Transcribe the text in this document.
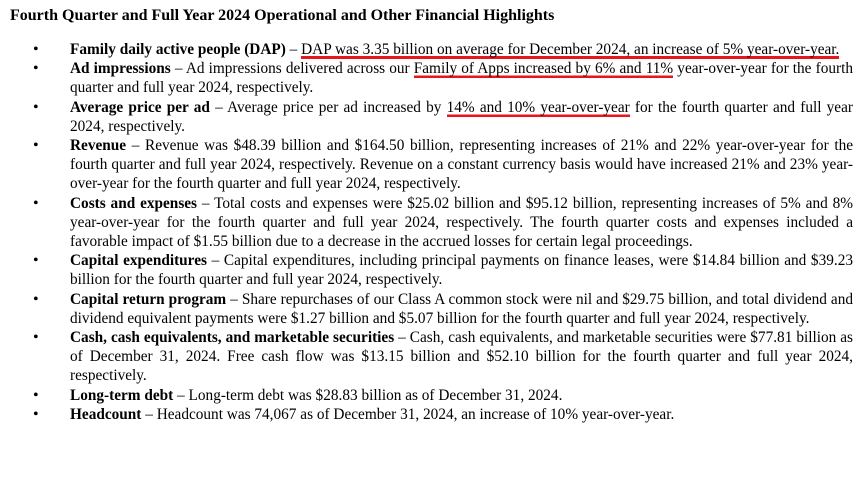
Fourth Quarter and Full Year 2024 Operational and Other Financial Highlights
• Family daily active people (DAP) – DAP was 3.35 billion on average for December 2024, an increase of 5% year-over-year.
• Ad impressions – Ad impressions delivered across our Family of Apps increased by 6% and 11% year-over-year for the fourth quarter and full year 2024, respectively.
• Average price per ad – Average price per ad increased by 14% and 10% year-over-year for the fourth quarter and full year 2024, respectively.
• Revenue – Revenue was $48.39 billion and $164.50 billion, representing increases of 21% and 22% year-over-year for the fourth quarter and full year 2024, respectively. Revenue on a constant currency basis would have increased 21% and 23% year-over-year for the fourth quarter and full year 2024, respectively.
• Costs and expenses – Total costs and expenses were $25.02 billion and $95.12 billion, representing increases of 5% and 8% year-over-year for the fourth quarter and full year 2024, respectively. The fourth quarter costs and expenses included a favorable impact of $1.55 billion due to a decrease in the accrued losses for certain legal proceedings.
• Capital expenditures – Capital expenditures, including principal payments on finance leases, were $14.84 billion and $39.23 billion for the fourth quarter and full year 2024, respectively.
• Capital return program – Share repurchases of our Class A common stock were nil and $29.75 billion, and total dividend and dividend equivalent payments were $1.27 billion and $5.07 billion for the fourth quarter and full year 2024, respectively.
• Cash, cash equivalents, and marketable securities – Cash, cash equivalents, and marketable securities were $77.81 billion as of December 31, 2024. Free cash flow was $13.15 billion and $52.10 billion for the fourth quarter and full year 2024, respectively.
• Long-term debt – Long-term debt was $28.83 billion as of December 31, 2024.
• Headcount – Headcount was 74,067 as of December 31, 2024, an increase of 10% year-over-year.
